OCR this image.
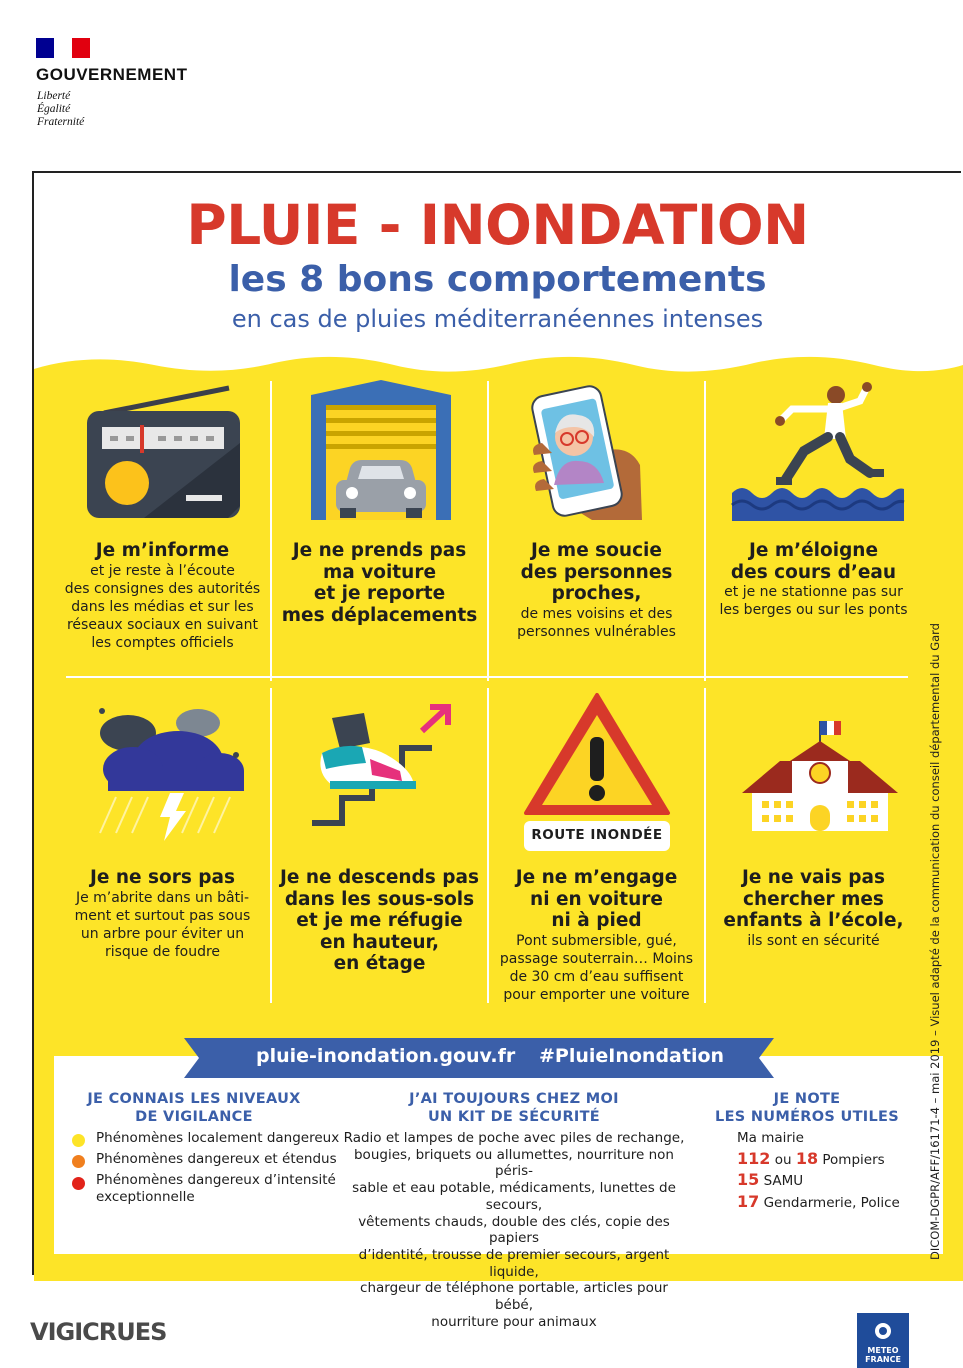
GOUVERNEMENT
Liberté
Égalité
Fraternité
PLUIE - INONDATION
les 8 bons comportements
en cas de pluies méditerranéennes intenses
ROUTE INONDÉE
Je m’informe
et je reste à l’écoute
des consignes des autorités
dans les médias et sur les
réseaux sociaux en suivant
les comptes officiels
Je ne prends pas
ma voiture
et je reporte
mes déplacements
Je me soucie
des personnes
proches,
de mes voisins et des
personnes vulnérables
Je m’éloigne
des cours d’eau
et je ne stationne pas sur
les berges ou sur les ponts
Je ne sors pas
Je m’abrite dans un bâti-
ment et surtout pas sous
un arbre pour éviter un
risque de foudre
Je ne descends pas
dans les sous-sols
et je me réfugie
en hauteur,
en étage
Je ne m’engage
ni en voiture
ni à pied
Pont submersible, gué,
passage souterrain… Moins
de 30 cm d’eau suffisent
pour emporter une voiture
Je ne vais pas
chercher mes
enfants à l’école,
ils sont en sécurité
pluie-inondation.gouv.fr #PluieInondation
JE CONNAIS LES NIVEAUX
DE VIGILANCE
Phénomènes localement dangereux
Phénomènes dangereux et étendus
Phénomènes dangereux d’intensité
exceptionnelle
J’AI TOUJOURS CHEZ MOI
UN KIT DE SÉCURITÉ
Radio et lampes de poche avec piles de rechange,
bougies, briquets ou allumettes, nourriture non péris-
sable et eau potable, médicaments, lunettes de secours,
vêtements chauds, double des clés, copie des papiers
d’identité, trousse de premier secours, argent liquide,
chargeur de téléphone portable, articles pour bébé,
nourriture pour animaux
JE NOTE
LES NUMÉROS UTILES
Ma mairie
112 ou 18 Pompiers
15 SAMU
17 Gendarmerie, Police	DICOM-DGPR/AFF/16171-4 – mai 2019 – Visuel adapté de la communication du conseil départemental du Gard
VIGICRUES
METEO
FRANCE
